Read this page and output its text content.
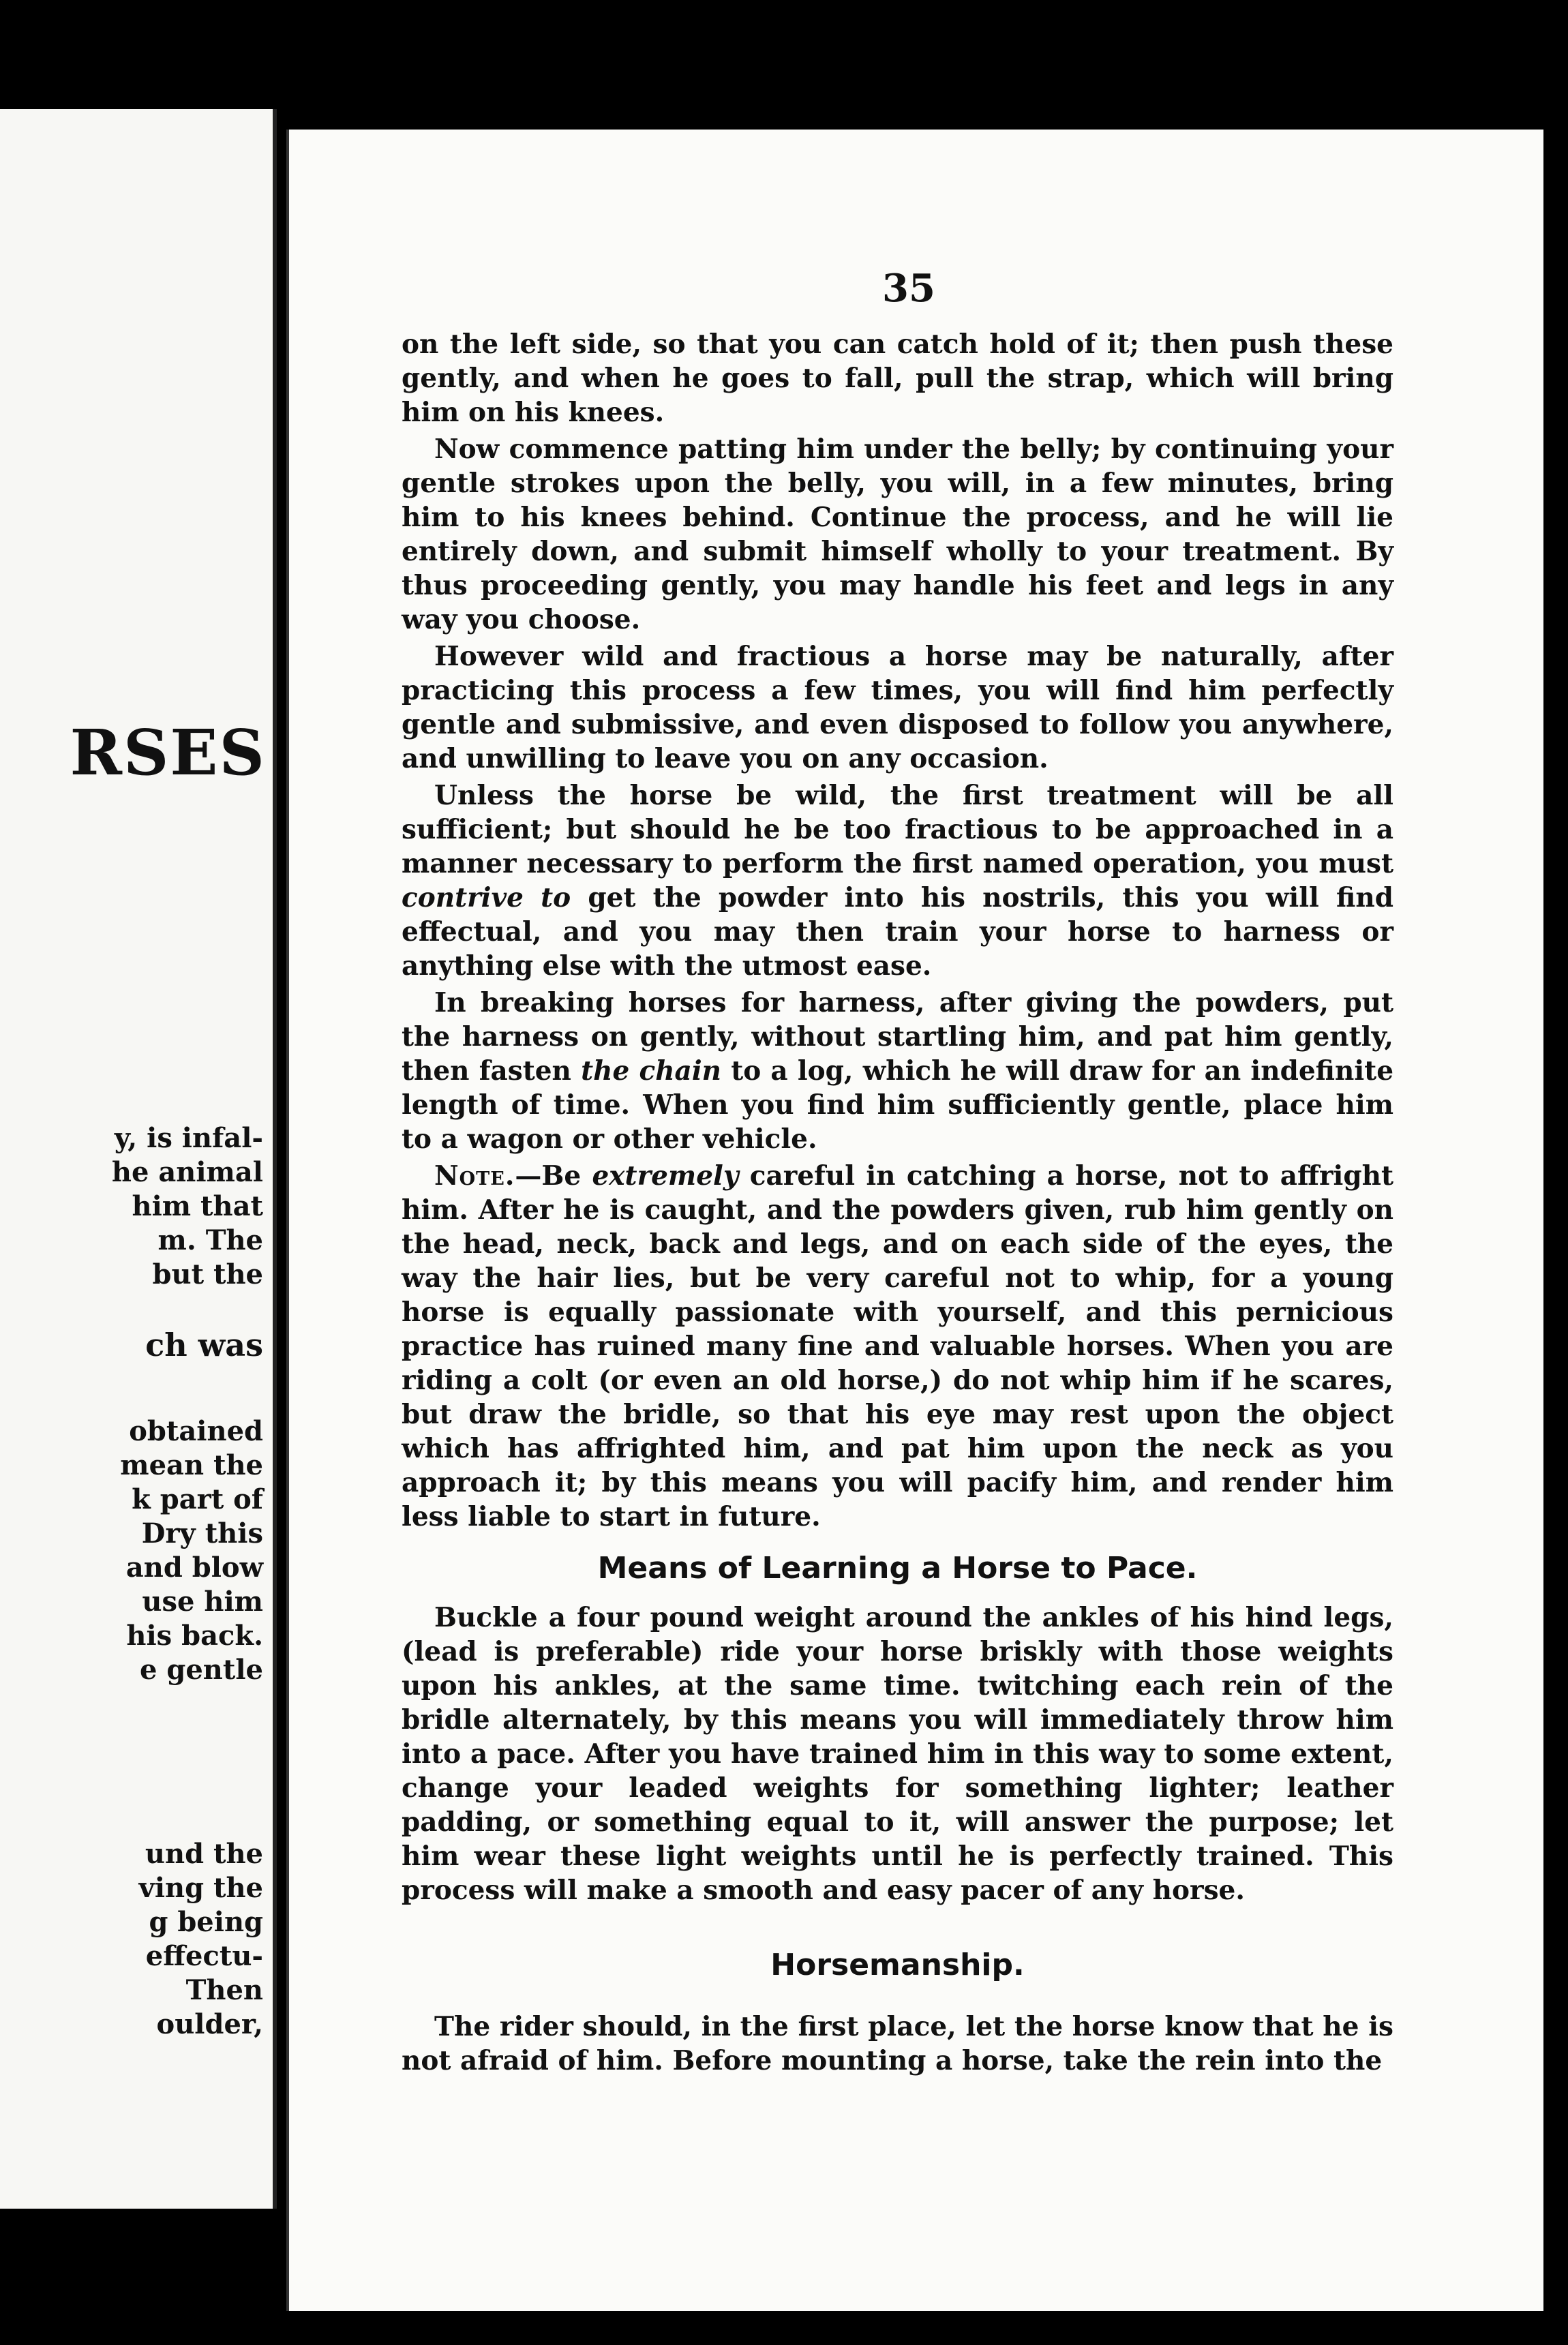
RSES
y, is infal-
he animal
him that
m. The
but the
ch was
obtained
mean the
k part of
Dry this
and blow
use him
his back.
e gentle
und the
ving the
g being
effectu-
Then
oulder,
35

on the left side, so that you can catch hold of it; then push these gently, and when he goes to fall, pull the strap, which will bring him on his knees.

Now commence patting him under the belly; by continuing your gentle strokes upon the belly, you will, in a few minutes, bring him to his knees behind. Continue the process, and he will lie entirely down, and submit himself wholly to your treatment. By thus proceeding gently, you may handle his feet and legs in any way you choose.

However wild and fractious a horse may be naturally, after practicing this process a few times, you will find him perfectly gentle and submissive, and even disposed to follow you anywhere, and unwilling to leave you on any occasion.

Unless the horse be wild, the first treatment will be all sufficient; but should he be too fractious to be approached in a manner necessary to perform the first named operation, you must contrive to get the powder into his nostrils, this you will find effectual, and you may then train your horse to harness or anything else with the utmost ease.

In breaking horses for harness, after giving the powders, put the harness on gently, without startling him, and pat him gently, then fasten the chain to a log, which he will draw for an indefinite length of time. When you find him sufficiently gentle, place him to a wagon or other vehicle.

Note.—Be extremely careful in catching a horse, not to affright him. After he is caught, and the powders given, rub him gently on the head, neck, back and legs, and on each side of the eyes, the way the hair lies, but be very careful not to whip, for a young horse is equally passionate with yourself, and this pernicious practice has ruined many fine and valuable horses. When you are riding a colt (or even an old horse,) do not whip him if he scares, but draw the bridle, so that his eye may rest upon the object which has affrighted him, and pat him upon the neck as you approach it; by this means you will pacify him, and render him less liable to start in future.

Means of Learning a Horse to Pace.

Buckle a four pound weight around the ankles of his hind legs, (lead is preferable) ride your horse briskly with those weights upon his ankles, at the same time. twitching each rein of the bridle alternately, by this means you will immediately throw him into a pace. After you have trained him in this way to some extent, change your leaded weights for something lighter; leather padding, or something equal to it, will answer the purpose; let him wear these light weights until he is perfectly trained. This process will make a smooth and easy pacer of any horse.

Horsemanship.

The rider should, in the first place, let the horse know that he is not afraid of him. Before mounting a horse, take the rein into the
